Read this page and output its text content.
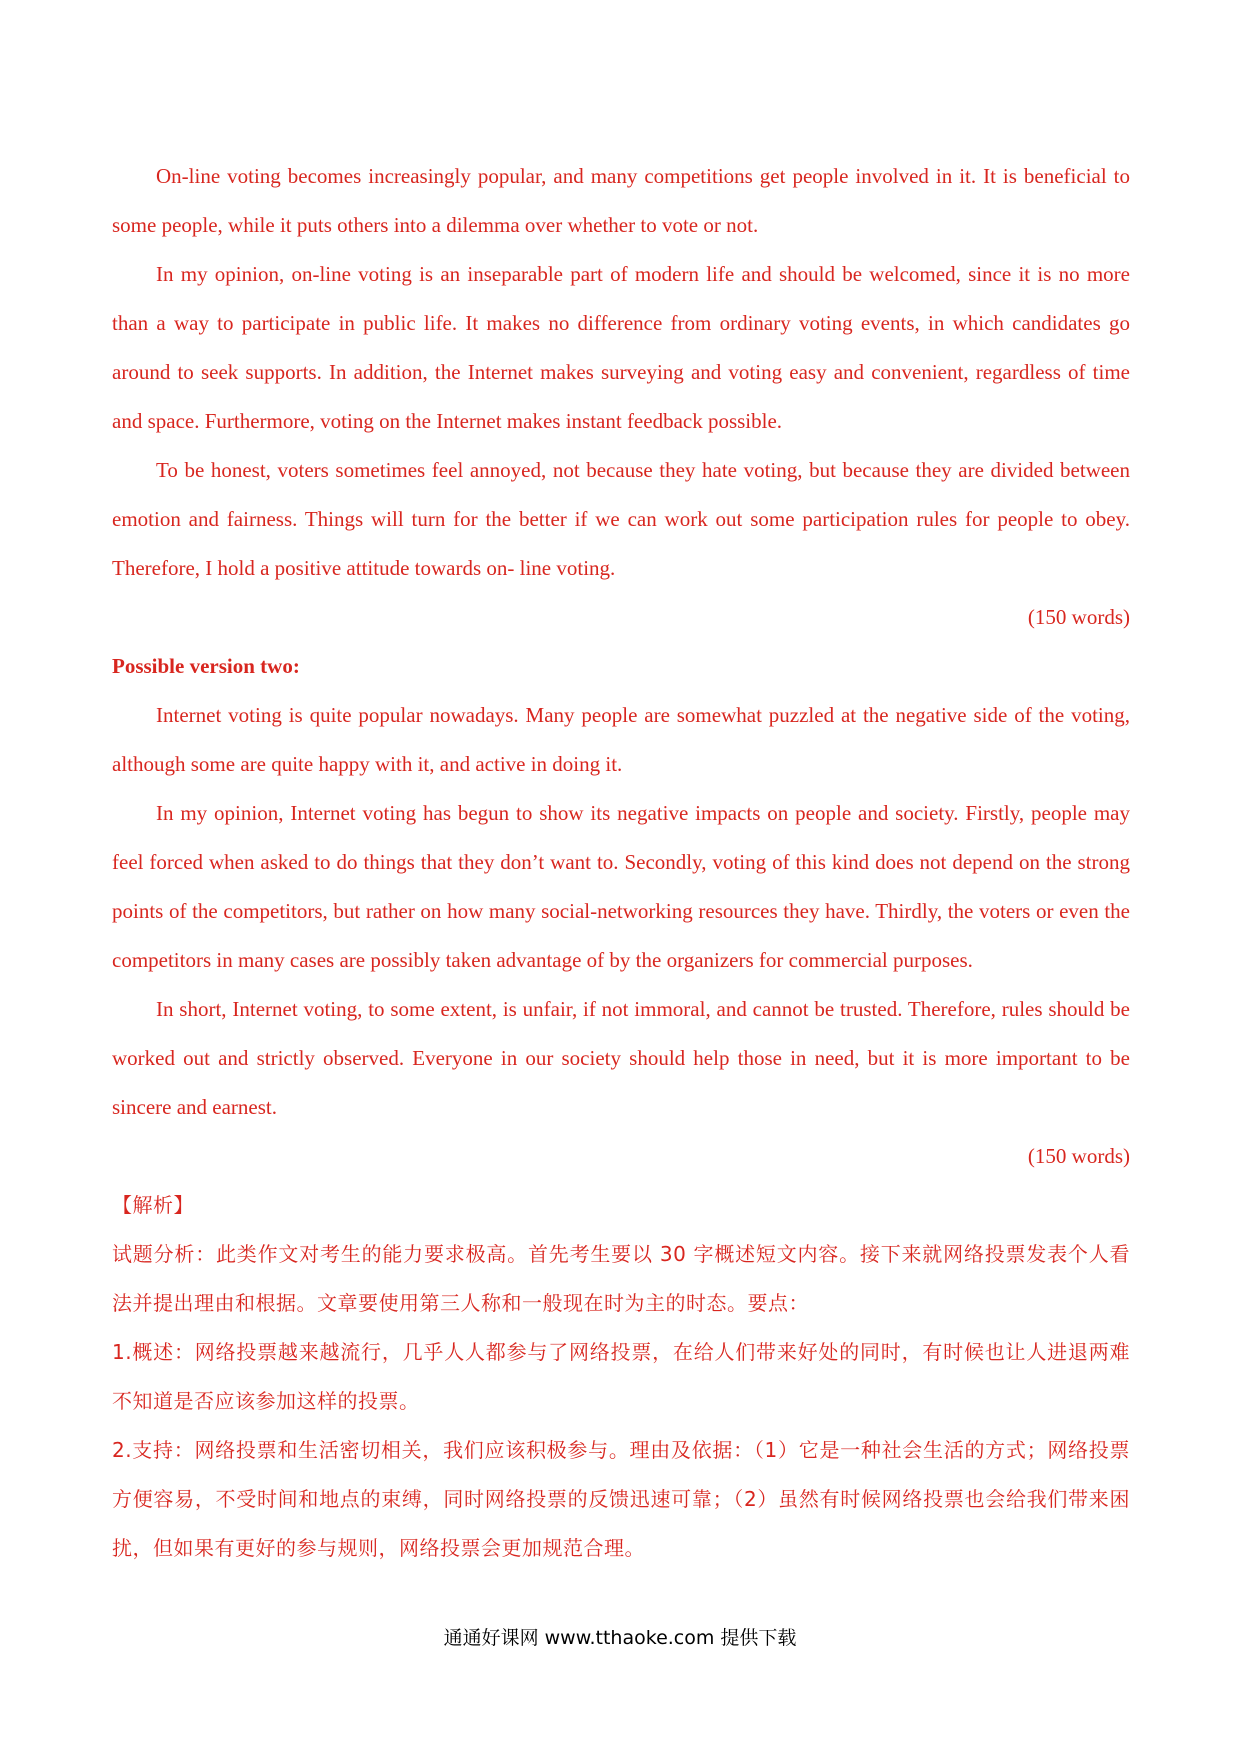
On-line voting becomes increasingly popular, and many competitions get people involved in it. It is beneficial to some people, while it puts others into a dilemma over whether to vote or not.

In my opinion, on-line voting is an inseparable part of modern life and should be welcomed, since it is no more than a way to participate in public life. It makes no difference from ordinary voting events, in which candidates go around to seek supports. In addition, the Internet makes surveying and voting easy and convenient, regardless of time and space. Furthermore, voting on the Internet makes instant feedback possible.

To be honest, voters sometimes feel annoyed, not because they hate voting, but because they are divided between emotion and fairness. Things will turn for the better if we can work out some participation rules for people to obey. Therefore, I hold a positive attitude towards on- line voting.

(150 words)

Possible version two:

Internet voting is quite popular nowadays. Many people are somewhat puzzled at the negative side of the voting, although some are quite happy with it, and active in doing it.

In my opinion, Internet voting has begun to show its negative impacts on people and society. Firstly, people may feel forced when asked to do things that they don’t want to. Secondly, voting of this kind does not depend on the strong points of the competitors, but rather on how many social-networking resources they have. Thirdly, the voters or even the competitors in many cases are possibly taken advantage of by the organizers for commercial purposes.

In short, Internet voting, to some extent, is unfair, if not immoral, and cannot be trusted. Therefore, rules should be worked out and strictly observed. Everyone in our society should help those in need, but it is more important to be sincere and earnest.

(150 words)

【解析】

试题分析：此类作文对考生的能力要求极高。首先考生要以 30 字概述短文内容。接下来就网络投票发表个人看法并提出理由和根据。文章要使用第三人称和一般现在时为主的时态。要点：

1.概述：网络投票越来越流行，几乎人人都参与了网络投票，在给人们带来好处的同时，有时候也让人进退两难不知道是否应该参加这样的投票。

2.支持：网络投票和生活密切相关，我们应该积极参与。理由及依据：（1）它是一种社会生活的方式；网络投票方便容易，不受时间和地点的束缚，同时网络投票的反馈迅速可靠；（2）虽然有时候网络投票也会给我们带来困扰，但如果有更好的参与规则，网络投票会更加规范合理。

通通好课网 www.tthaoke.com 提供下载
